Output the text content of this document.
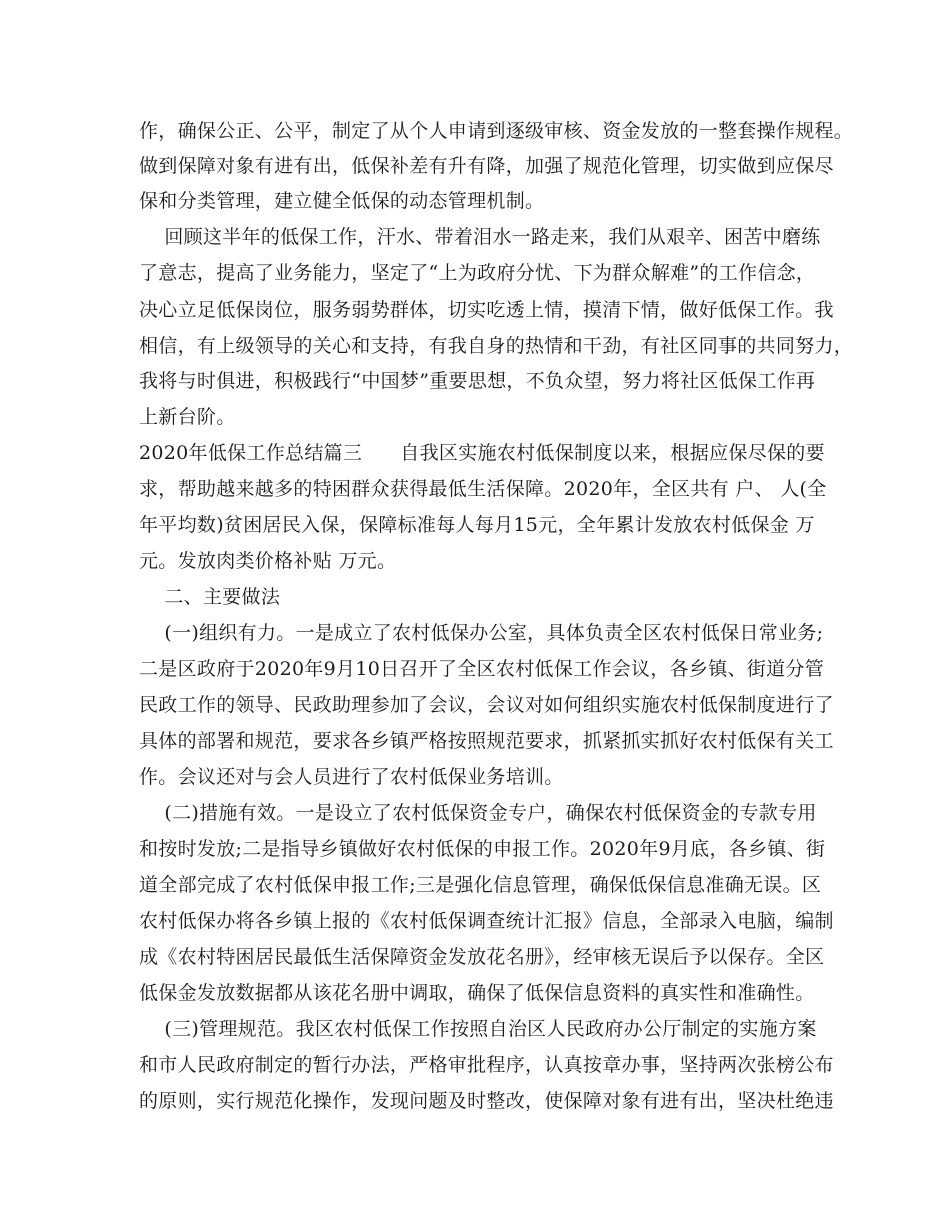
作，确保公正、公平，制定了从个人申请到逐级审核、资金发放的一整套操作规程。
做到保障对象有进有出，低保补差有升有降，加强了规范化管理，切实做到应保尽
保和分类管理，建立健全低保的动态管理机制。
回顾这半年的低保工作，汗水、带着泪水一路走来，我们从艰辛、困苦中磨练
了意志，提高了业务能力，坚定了“上为政府分忧、下为群众解难”的工作信念，
决心立足低保岗位，服务弱势群体，切实吃透上情，摸清下情，做好低保工作。我
相信，有上级领导的关心和支持，有我自身的热情和干劲，有社区同事的共同努力，
我将与时俱进，积极践行“中国梦”重要思想，不负众望，努力将社区低保工作再
上新台阶。
2020年低保工作总结篇三      自我区实施农村低保制度以来，根据应保尽保的要
求，帮助越来越多的特困群众获得最低生活保障。2020年，全区共有 户、 人(全
年平均数)贫困居民入保，保障标准每人每月15元，全年累计发放农村低保金 万
元。发放肉类价格补贴 万元。
二、主要做法
(一)组织有力。一是成立了农村低保办公室，具体负责全区农村低保日常业务;
二是区政府于2020年9月10日召开了全区农村低保工作会议，各乡镇、街道分管
民政工作的领导、民政助理参加了会议，会议对如何组织实施农村低保制度进行了
具体的部署和规范，要求各乡镇严格按照规范要求，抓紧抓实抓好农村低保有关工
作。会议还对与会人员进行了农村低保业务培训。
(二)措施有效。一是设立了农村低保资金专户，确保农村低保资金的专款专用
和按时发放;二是指导乡镇做好农村低保的申报工作。2020年9月底，各乡镇、街
道全部完成了农村低保申报工作;三是强化信息管理，确保低保信息准确无误。区
农村低保办将各乡镇上报的《农村低保调查统计汇报》信息，全部录入电脑，编制
成《农村特困居民最低生活保障资金发放花名册》，经审核无误后予以保存。全区
低保金发放数据都从该花名册中调取，确保了低保信息资料的真实性和准确性。
(三)管理规范。我区农村低保工作按照自治区人民政府办公厅制定的实施方案
和市人民政府制定的暂行办法，严格审批程序，认真按章办事，坚持两次张榜公布
的原则，实行规范化操作，发现问题及时整改，使保障对象有进有出，坚决杜绝违
